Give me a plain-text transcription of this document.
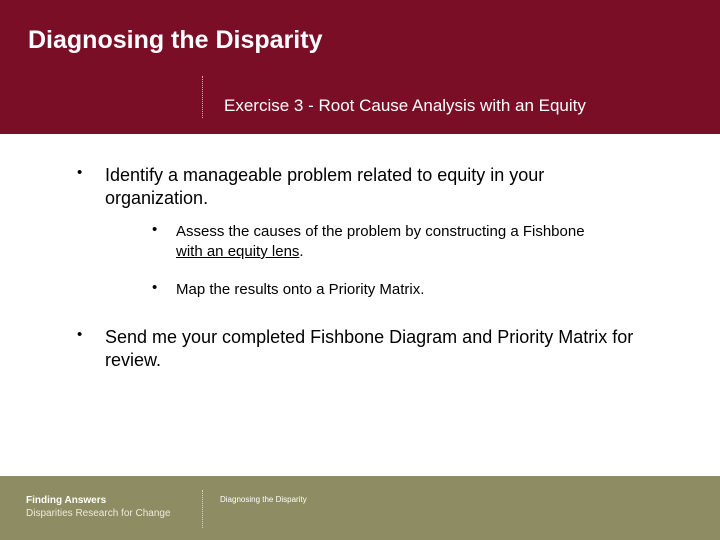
Diagnosing the Disparity
Exercise 3 - Root Cause Analysis with an Equity
• Identify a manageable problem related to equity in your organization.
• Assess the causes of the problem by constructing a Fishbone with an equity lens.
• Map the results onto a Priority Matrix.
• Send me your completed Fishbone Diagram and Priority Matrix for review.
Finding Answers
Disparities Research for Change
Diagnosing the Disparity
